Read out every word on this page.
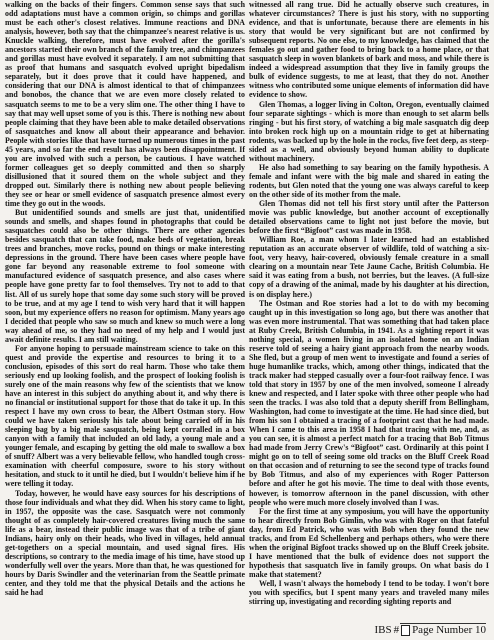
walking on the backs of their fingers. Common sense says that such odd adaptations must have a common origin, so chimps and gorillas must be each other's closest relatives. Immune reactions and DNA analysis, however, both say that the chimpanzee's nearest relative is us. Knuckle walking, therefore, must have evolved after the gorilla's ancestors started their own branch of the family tree, and chimpanzees and gorillas must have evolved it separately. I am not submitting that as proof that humans and sasquatch evolved upright bipedalism separately, but it does prove that it could have happened, and considering that our DNA is almost identical to that of chimpanzees and bonobos, the chance that we are even more closely related to sasquatch seems to me to be a very slim one. The other thing I have to say that may well upset some of you is this. There is nothing new about people claiming that they have been able to make detailed observations of sasquatches and know all about their appearance and behavior. People with stories like that have turned up numerous times in the past 45 years, and so far the end result has always been disappointment. If you are involved with such a person, be cautious. I have watched former colleagues get so deeply committed and then so sharply disillusioned that it soured them on the whole subject and they dropped out. Similarly there is nothing new about people believing they see or hear or smell evidence of sasquatch presence almost every time they go out in the woods.

But unidentified sounds and smells are just that, unidentified sounds and smells, and shapes found in photographs that could be sasquatches could also be other things. There are other agencies besides sasquatch that can take food, make beds of vegetation, break trees and branches, move rocks, pound on things or make interesting depressions in the ground. There have been cases where people have gone far beyond any reasonable extreme to fool someone with manufactured evidence of sasquatch presence, and also cases where people have gone pretty far to fool themselves. Try not to add to that list. All of us surely hope that some day some such story will be proved to be true, and at my age I tend to wish very hard that it will happen soon, but my experience offers no reason for optimism. Many years ago I decided that people who saw so much and knew so much were a long way ahead of me, so they had no need of my help and I would just await definite results. I am still waiting.

For anyone hoping to persuade mainstream science to take on this quest and provide the expertise and resources to bring it to a conclusion, episodes of this sort do real harm. Those who take them seriously end up looking foolish, and the prospect of looking foolish is surely one of the main reasons why few of the scientists that we know have an interest in this subject do anything about it, and why there is no financial or institutional support for those that do take it up. In this respect I have my own cross to bear, the Albert Ostman story. How could we have taken seriously his tale about being carried off in his sleeping bag by a big male sasquatch, being kept corralled in a box canyon with a family that included an old lady, a young male and a younger female, and escaping by getting the old male to swallow a box of snuff? Albert was a very believable fellow, who handled tough cross-examination with cheerful composure, swore to his story without hesitation, and stuck to it until he died, but I wouldn't believe him if he were telling it today.

Today, however, he would have easy sources for his descriptions of those four individuals and what they did. When his story came to light, in 1957, the opposite was the case. Sasquatch were not commonly thought of as completely hair-covered creatures living much the same life as a bear, instead their public image was that of a tribe of giant Indians, hairy only on their heads, who lived in villages, held annual get-togethers on a special mountain, and used signal fires. His descriptions, so contrary to the media image of his time, have stood up wonderfully well over the years. More than that, he was questioned for hours by Daris Swindler and the veterinarian from the Seattle primate center, and they told me that the physical Details and the actions he said he had

witnessed all rang true. Did he actually observe such creatures, in whatever circumstances? There is just his story, with no supporting evidence, and that is unfortunate, because there are elements in his story that would be very significant but are not confirmed by subsequent reports. No one else, to my knowledge, has claimed that the females go out and gather food to bring back to a home place, or that sasquatch sleep in woven blankets of bark and moss, and while there is indeed a widespread assumption that they live in family groups the bulk of evidence suggests, to me at least, that they do not. Another witness who contributed some unique elements of information did have evidence to show.

Glen Thomas, a logger living in Colton, Oregon, eventually claimed four separate sightings - which is more than enough to set alarm bells ringing - but his first story, of watching a big male sasquatch dig deep into broken rock high up on a mountain ridge to get at hibernating rodents, was backed up by the hole in the rocks, five feet deep, as steep-sided as a well, and obviously beyond human ability to duplicate without machinery.

He also had something to say bearing on the family hypothesis. A female and infant were with the big male and shared in eating the rodents, but Glen noted that the young one was always careful to keep on the other side of its mother from the male.

Glen Thomas did not tell his first story until after the Patterson movie was public knowledge, but another account of exceptionally detailed observations came to light not just before the movie, but before the first “Bigfoot” cast was made in 1958.

William Roe, a man whom I later learned had an established reputation as an accurate observer of wildlife, told of watching a six-foot, very heavy, hair-covered, obviously female creature in a small clearing on a mountain near Tete Jaune Cache, British Columbia. He said it was eating from a bush, not berries, but the leaves. (A full-size copy of a drawing of the animal, made by his daughter at his direction, is on display here.)

The Ostman and Roe stories had a lot to do with my becoming caught up in this investigation so long ago, but there was another that was even more instrumental. That was something that had taken place at Ruby Creek, British Columbia, in 1941. As a sighting report it was nothing special, a women living in an isolated home on an Indian reserve told of seeing a hairy giant approach from the nearby woods. She fled, but a group of men went to investigate and found a series of huge humanlike tracks, which, among other things, indicated that the track maker had stepped casually over a four-foot railway fence. I was told that story in 1957 by one of the men involved, someone I already knew and respected, and I later spoke with three other people who had seen the tracks. I was also told that a deputy sheriff from Bellingham, Washington, had come to investigate at the time. He had since died, but from his son I obtained a tracing of a footprint cast that he had made. When I came to this area in 1958 I had that tracing with me, and, as you can see, it is almost a perfect match for a tracing that Bob Titmus had made from Jerry Crew's “Bigfoot” cast. Ordinarily at this point I might go on to tell of seeing some old tracks on the Bluff Creek Road on that occasion and of returning to see the second type of tracks found by Bob Titmus, and also of my experiences with Roger Patterson before and after he got his movie. The time to deal with those events, however, is tomorrow afternoon in the panel discussion, with other people who were much more closely involved than I was.

For the first time at any symposium, you will have the opportunity to hear directly from Bob Gimlin, who was with Roger on that fateful day, from Ed Patrick, who was with Bob when they found the new tracks, and from Ed Schellenberg and perhaps others, who were there when the original Bigfoot tracks showed up on the Bluff Creek jobsite. I have mentioned that the bulk of evidence does not support the hypothesis that sasquatch live in family groups. On what basis do I make that statement?

Well, I wasn't always the homebody I tend to be today. I won't bore you with specifics, but I spent many years and traveled many miles stirring up, investigating and recording sighting reports and

IBS # Page Number 10
